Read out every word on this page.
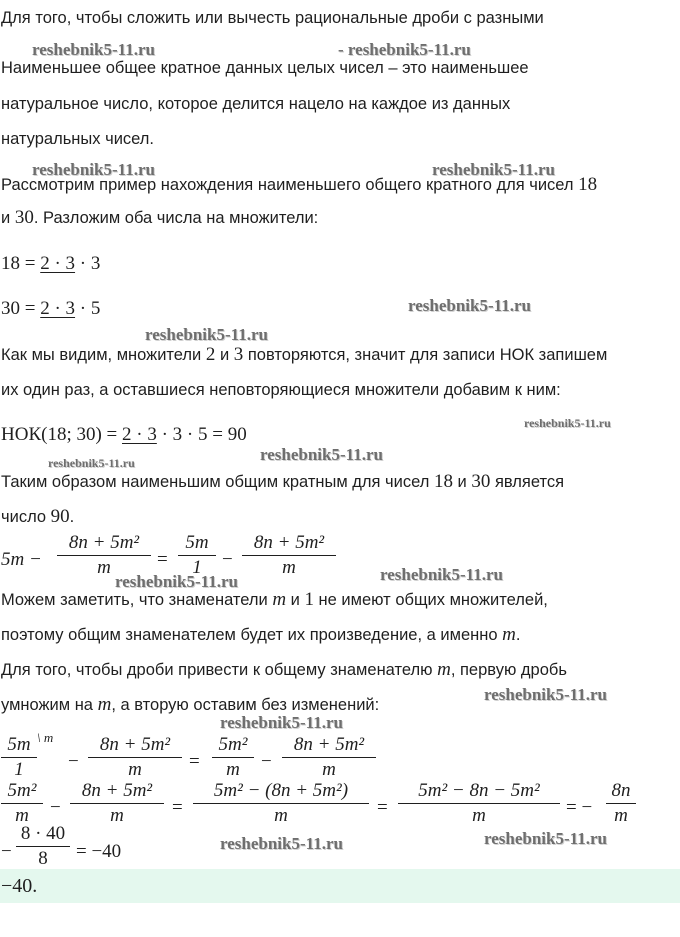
Для того, чтобы сложить или вычесть рациональные дроби с разными
Наименьшее общее кратное данных целых чисел – это наименьшее
натуральное число, которое делится нацело на каждое из данных
натуральных чисел.
Рассмотрим пример нахождения наименьшего общего кратного для чисел 18
и 30. Разложим оба числа на множители:
18 = 2 · 3 · 3
30 = 2 · 3 · 5
Как мы видим, множители 2 и 3 повторяются, значит для записи НОК запишем
их один раз, а оставшиеся неповторяющиеся множители добавим к ним:
НОК(18; 30) = 2 · 3 · 3 · 5 = 90
Таким образом наименьшим общим кратным для чисел 18 и 30 является
число 90.
5m −
8n + 5m²
m	=
5m
1	−
8n + 5m²
m
Можем заметить, что знаменатели m и 1 не имеют общих множителей,
поэтому общим знаменателем будет их произведение, а именно m.
Для того, чтобы дроби привести к общему знаменателю m, первую дробь
умножим на m, а вторую оставим без изменений:
5m
1
\ m
−
8n + 5m²
m	=
5m²
m	−
8n + 5m²
m
5m²
m	−
8n + 5m²
m	=
5m² − (8n + 5m²)
m	=
5m² − 8n − 5m²
m	= −
8n
m
−
8 · 40
8	= −40
−40.
reshebnik5-11.ru	- reshebnik5-11.ru
reshebnik5-11.ru	reshebnik5-11.ru
reshebnik5-11.ru
reshebnik5-11.ru
reshebnik5-11.ru
reshebnik5-11.ru
reshebnik5-11.ru
reshebnik5-11.ru	reshebnik5-11.ru
reshebnik5-11.ru
reshebnik5-11.ru
reshebnik5-11.ru	reshebnik5-11.ru
